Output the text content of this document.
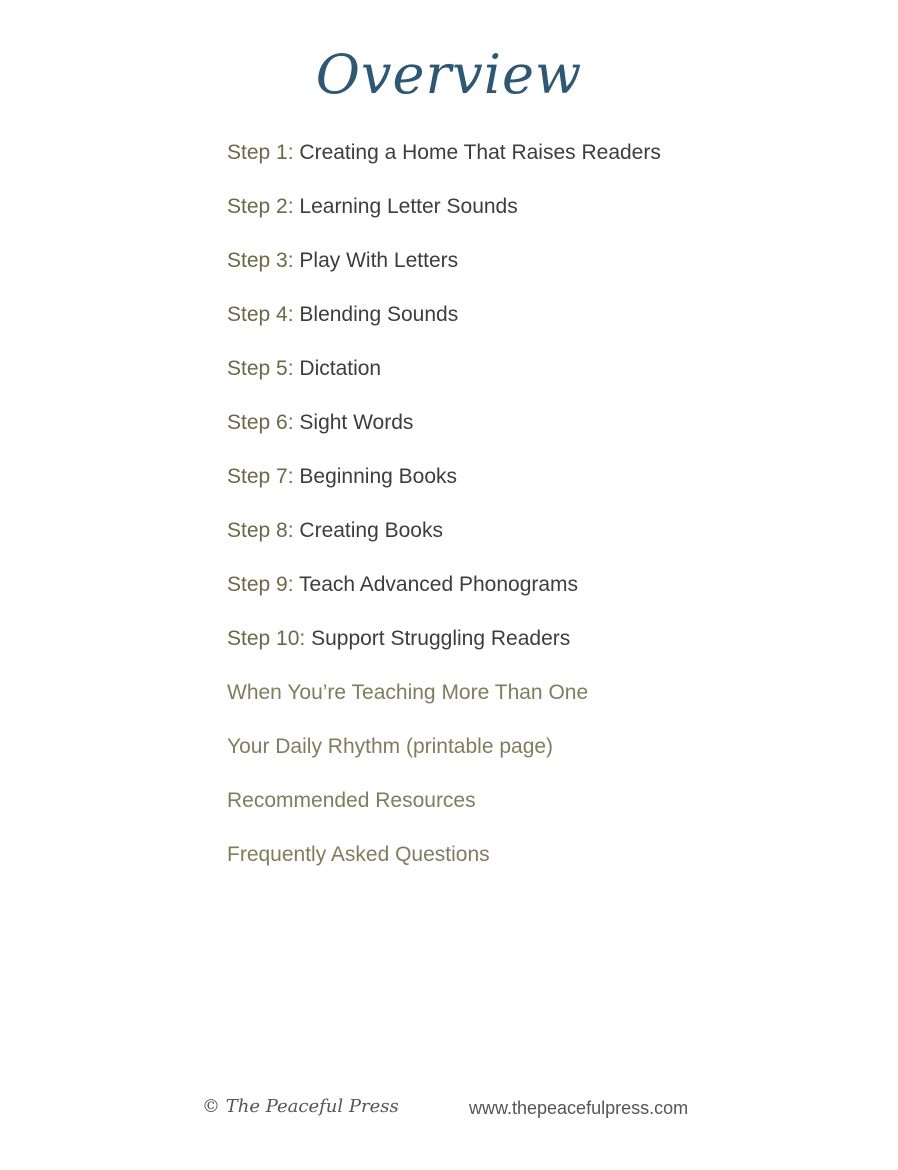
Overview
Step 1: Creating a Home That Raises Readers
Step 2: Learning Letter Sounds
Step 3: Play With Letters
Step 4: Blending Sounds
Step 5: Dictation
Step 6: Sight Words
Step 7: Beginning Books
Step 8: Creating Books
Step 9: Teach Advanced Phonograms
Step 10: Support Struggling Readers
When You’re Teaching More Than One
Your Daily Rhythm (printable page)
Recommended Resources
Frequently Asked Questions
© The Peaceful Press	www.thepeacefulpress.com
